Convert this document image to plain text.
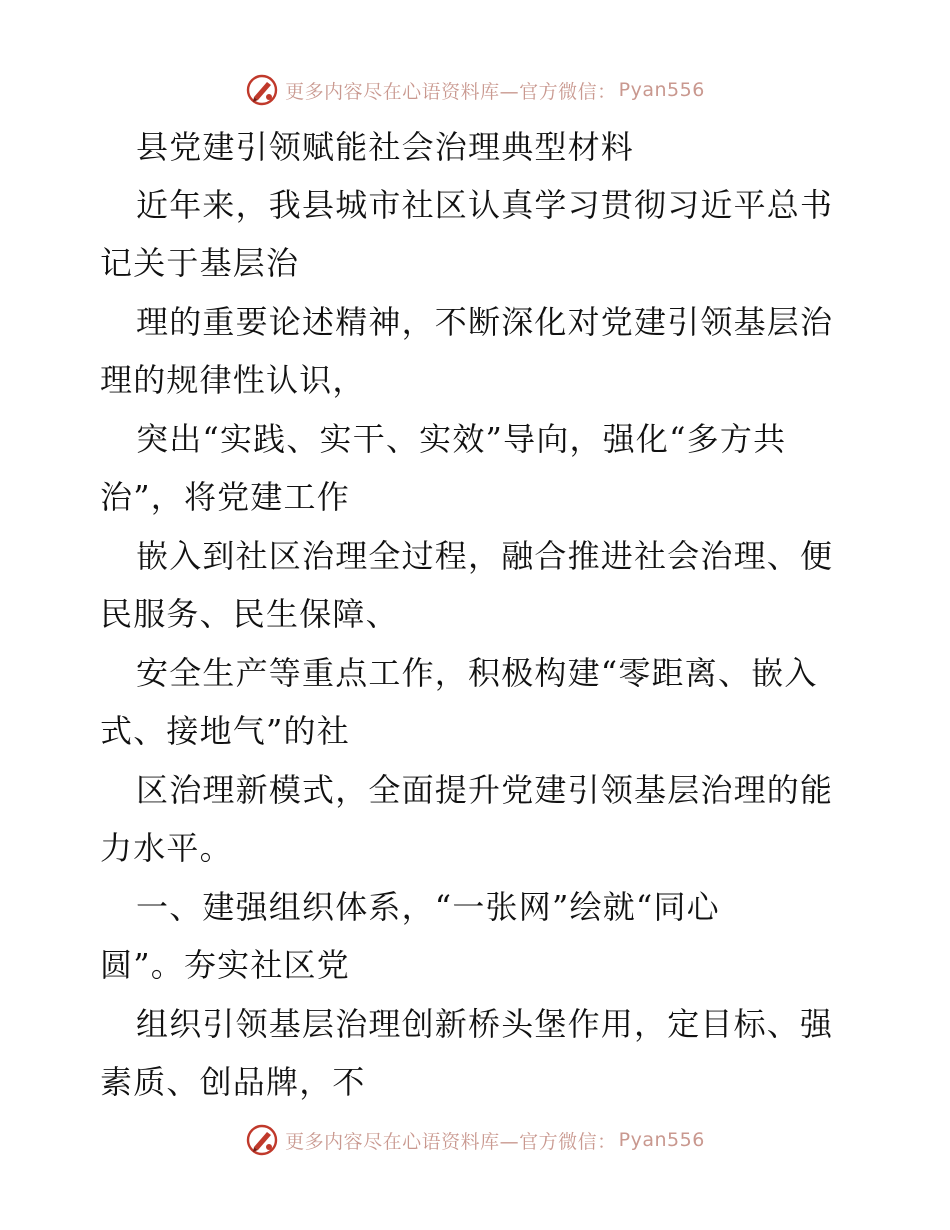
更多内容尽在心语资料库—官方微信： Pyan556
县党建引领赋能社会治理典型材料
近年来，我县城市社区认真学习贯彻习近平总书
记关于基层治
理的重要论述精神，不断深化对党建引领基层治
理的规律性认识，
突出“实践、实干、实效”导向，强化“多方共
治”，将党建工作
嵌入到社区治理全过程，融合推进社会治理、便
民服务、民生保障、
安全生产等重点工作，积极构建“零距离、嵌入
式、接地气”的社
区治理新模式，全面提升党建引领基层治理的能
力水平。
一、建强组织体系，“一张网”绘就“同心
圆”。夯实社区党
组织引领基层治理创新桥头堡作用，定目标、强
素质、创品牌，不
更多内容尽在心语资料库—官方微信： Pyan556
